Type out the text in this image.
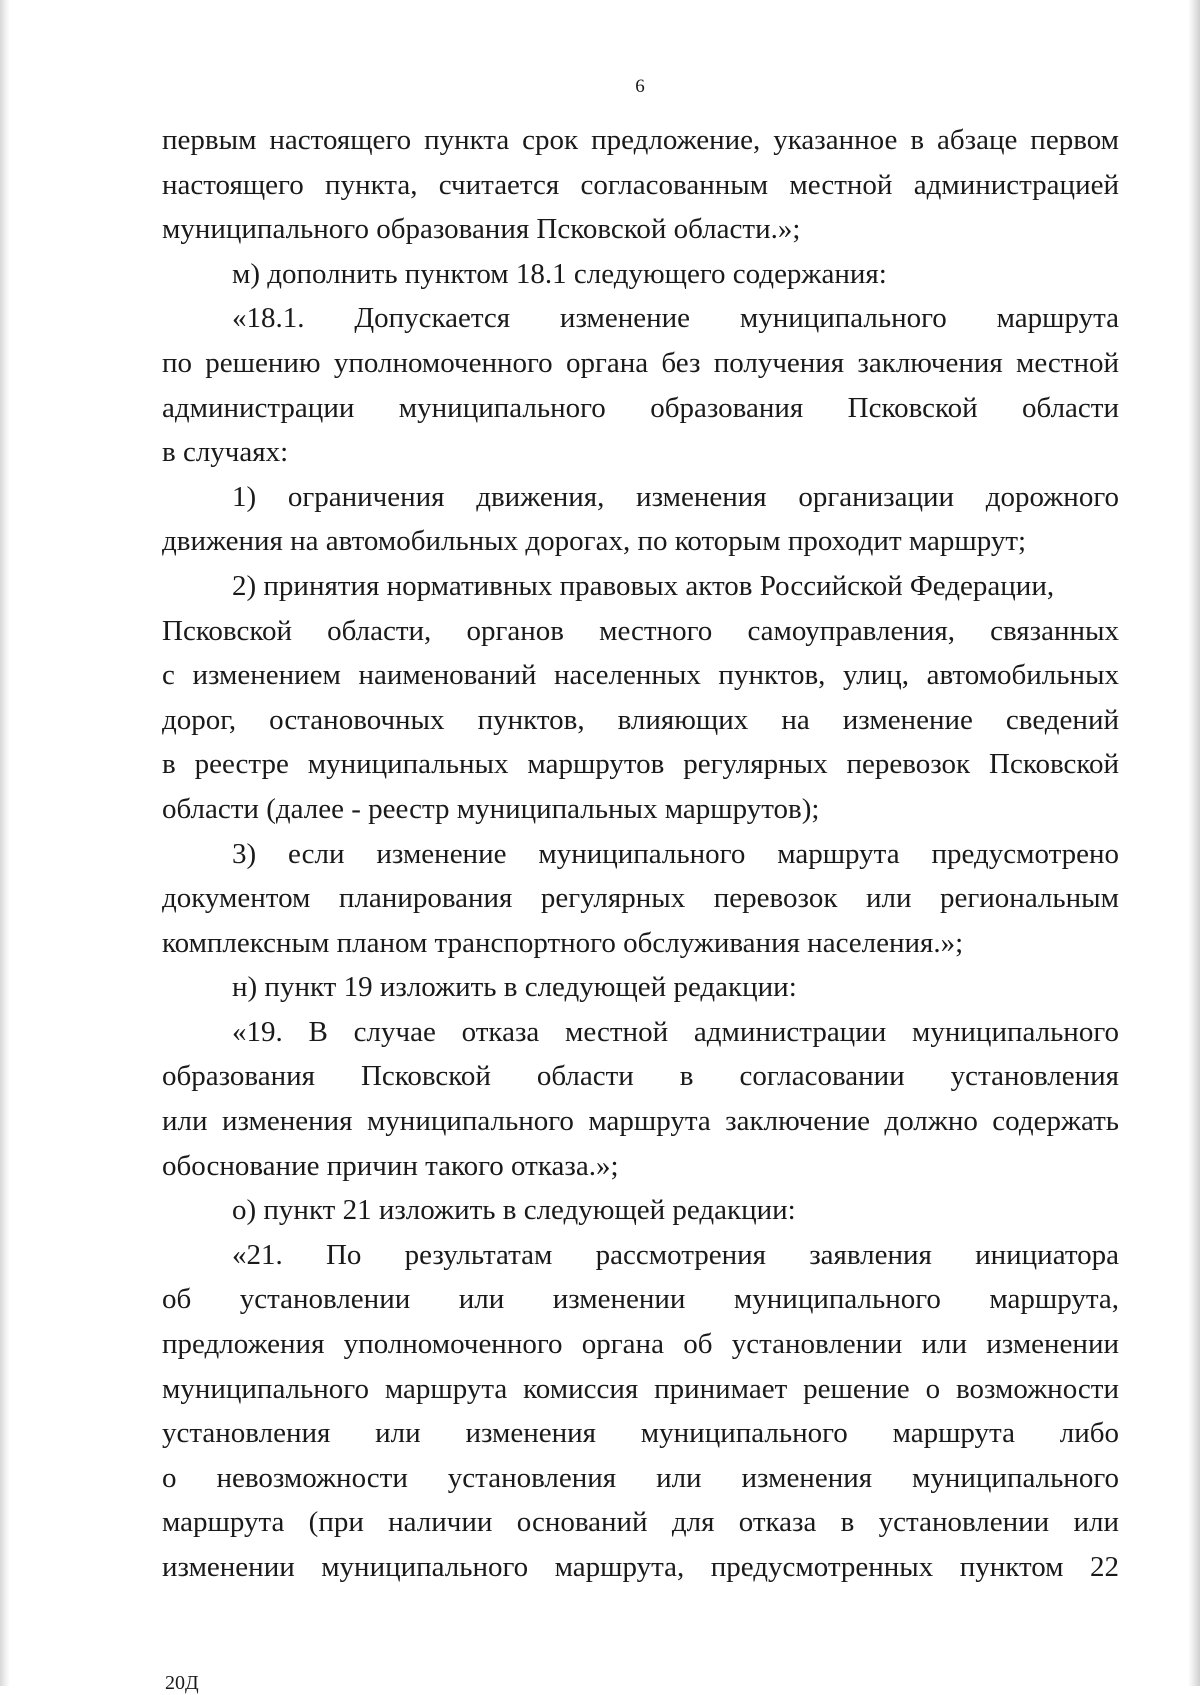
6
первым настоящего пункта срок предложение, указанное в абзаце первом
настоящего пункта, считается согласованным местной администрацией
муниципального образования Псковской области.»;
м) дополнить пунктом 18.1 следующего содержания:
«18.1. Допускается изменение муниципального маршрута
по решению уполномоченного органа без получения заключения местной
администрации муниципального образования Псковской области
в случаях:
1) ограничения движения, изменения организации дорожного
движения на автомобильных дорогах, по которым проходит маршрут;
2) принятия нормативных правовых актов Российской Федерации,
Псковской области, органов местного самоуправления, связанных
с изменением наименований населенных пунктов, улиц, автомобильных
дорог, остановочных пунктов, влияющих на изменение сведений
в реестре муниципальных маршрутов регулярных перевозок Псковской
области (далее - реестр муниципальных маршрутов);
3) если изменение муниципального маршрута предусмотрено
документом планирования регулярных перевозок или региональным
комплексным планом транспортного обслуживания населения.»;
н) пункт 19 изложить в следующей редакции:
«19. В случае отказа местной администрации муниципального
образования Псковской области в согласовании установления
или изменения муниципального маршрута заключение должно содержать
обоснование причин такого отказа.»;
о) пункт 21 изложить в следующей редакции:
«21. По результатам рассмотрения заявления инициатора
об установлении или изменении муниципального маршрута,
предложения уполномоченного органа об установлении или изменении
муниципального маршрута комиссия принимает решение о возможности
установления или изменения муниципального маршрута либо
о невозможности установления или изменения муниципального
маршрута (при наличии оснований для отказа в установлении или
изменении муниципального маршрута, предусмотренных пунктом 22
20Д
